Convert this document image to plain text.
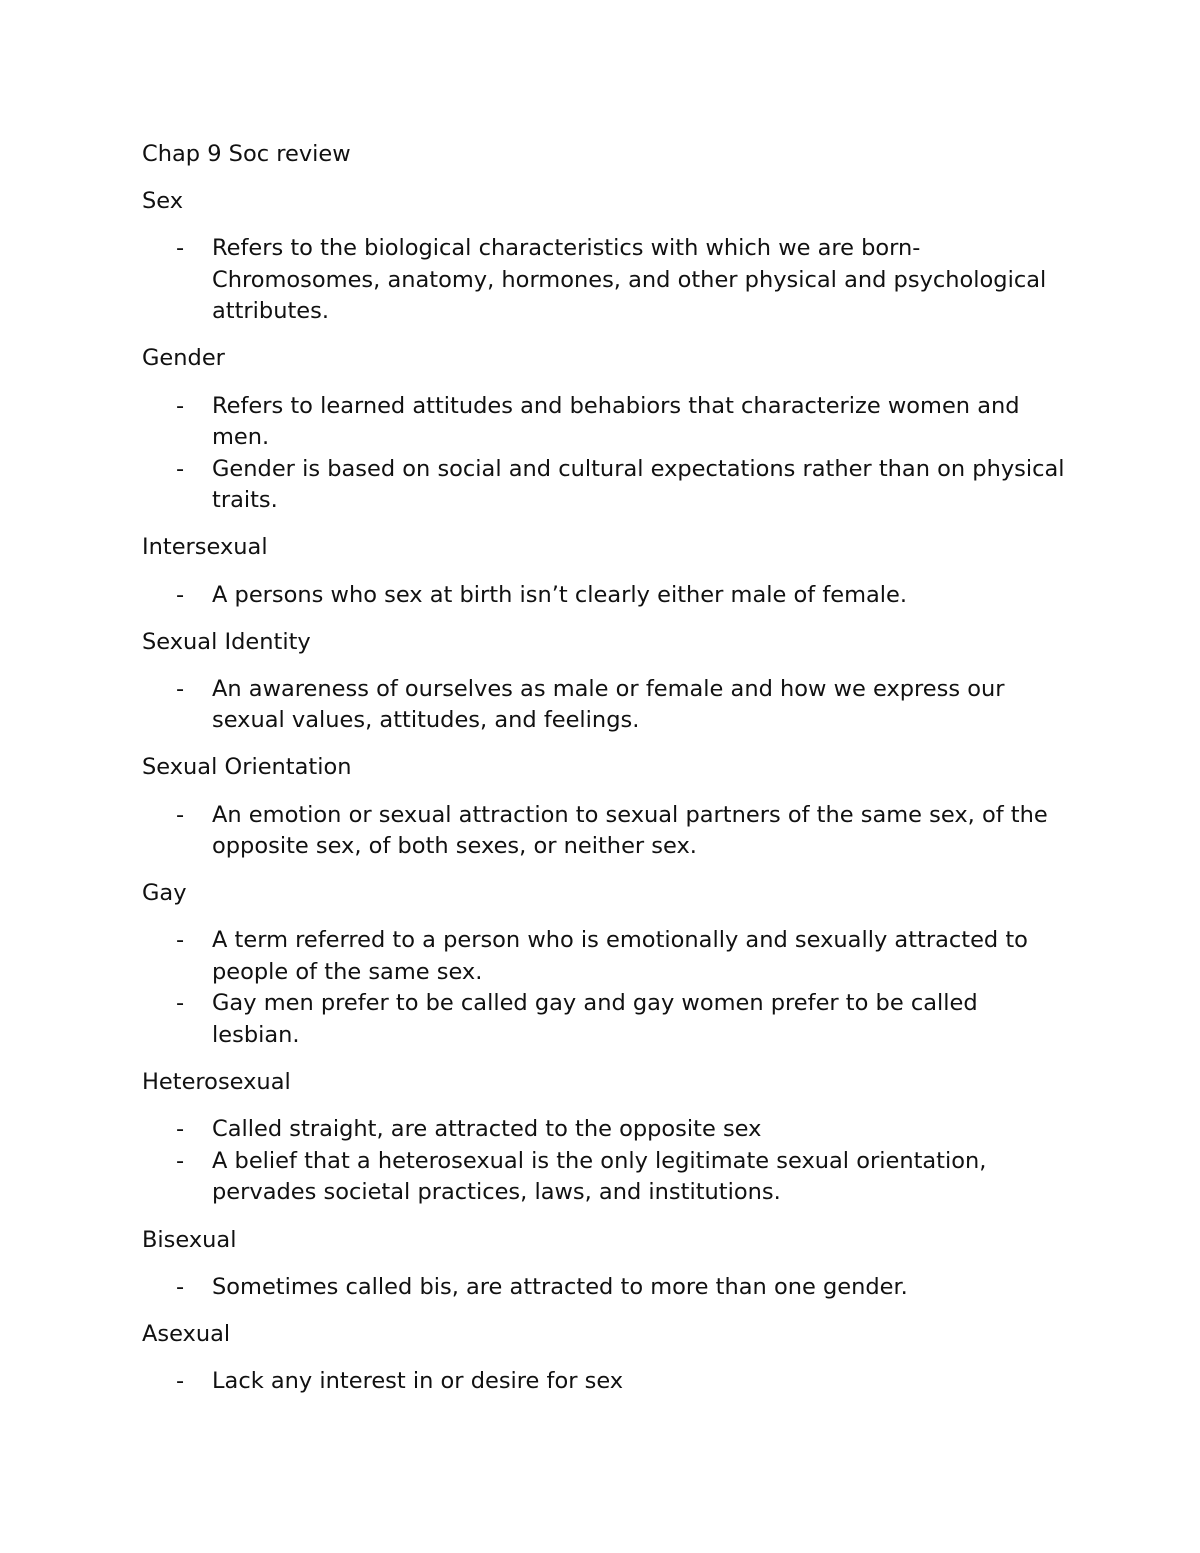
Chap 9 Soc review

Sex

- Refers to the biological characteristics with which we are born- Chromosomes, anatomy, hormones, and other physical and psychological attributes.

Gender

- Refers to learned attitudes and behabiors that characterize women and men.
- Gender is based on social and cultural expectations rather than on physical traits.

Intersexual

- A persons who sex at birth isn’t clearly either male of female.

Sexual Identity

- An awareness of ourselves as male or female and how we express our sexual values, attitudes, and feelings.

Sexual Orientation

- An emotion or sexual attraction to sexual partners of the same sex, of the opposite sex, of both sexes, or neither sex.

Gay

- A term referred to a person who is emotionally and sexually attracted to people of the same sex.
- Gay men prefer to be called gay and gay women prefer to be called lesbian.

Heterosexual

- Called straight, are attracted to the opposite sex
- A belief that a heterosexual is the only legitimate sexual orientation, pervades societal practices, laws, and institutions.

Bisexual

- Sometimes called bis, are attracted to more than one gender.

Asexual

- Lack any interest in or desire for sex
